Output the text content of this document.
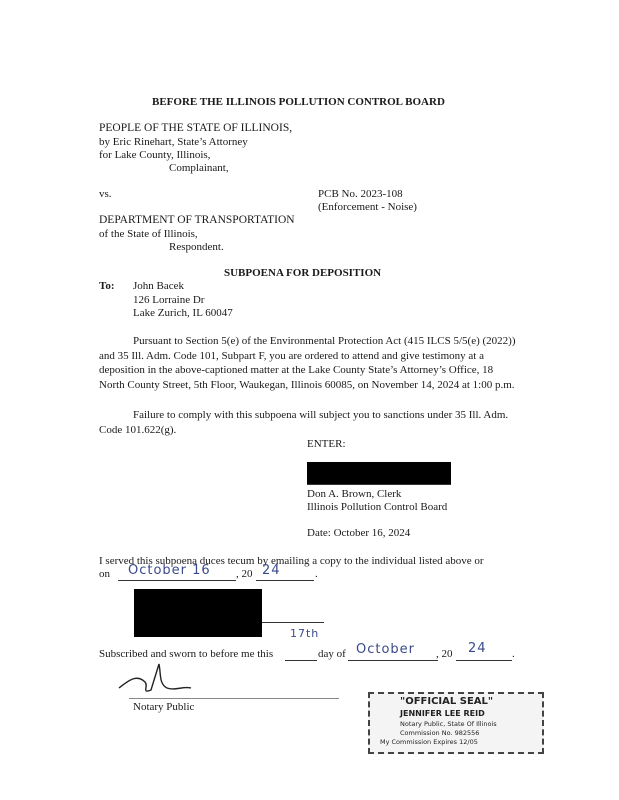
BEFORE THE ILLINOIS POLLUTION CONTROL BOARD
PEOPLE OF THE STATE OF ILLINOIS,
by Eric Rinehart, State’s Attorney
for Lake County, Illinois,
Complainant,
vs.	PCB No. 2023-108
(Enforcement - Noise)
DEPARTMENT OF TRANSPORTATION
of the State of Illinois,
Respondent.
SUBPOENA FOR DEPOSITION
To: John Bacek
126 Lorraine Dr
Lake Zurich, IL 60047
Pursuant to Section 5(e) of the Environmental Protection Act (415 ILCS 5/5(e) (2022)) and 35 Ill. Adm. Code 101, Subpart F, you are ordered to attend and give testimony at a deposition in the above-captioned matter at the Lake County State’s Attorney’s Office, 18 North County Street, 5th Floor, Waukegan, Illinois 60085, on November 14, 2024 at 1:00 p.m.
Failure to comply with this subpoena will subject you to sanctions under 35 Ill. Adm. Code 101.622(g).
ENTER:
Don A. Brown, Clerk
Illinois Pollution Control Board
Date: October 16, 2024
I served this subpoena duces tecum by emailing a copy to the individual listed above or
on October 16 , 20 24	.
17th
Subscribed and sworn to before me this	day of October , 20 24 .
Notary Public	"OFFICIAL SEAL"
JENNIFER LEE REID
Notary Public, State Of Illinois
Commission No. 982556
My Commission Expires 12/05
